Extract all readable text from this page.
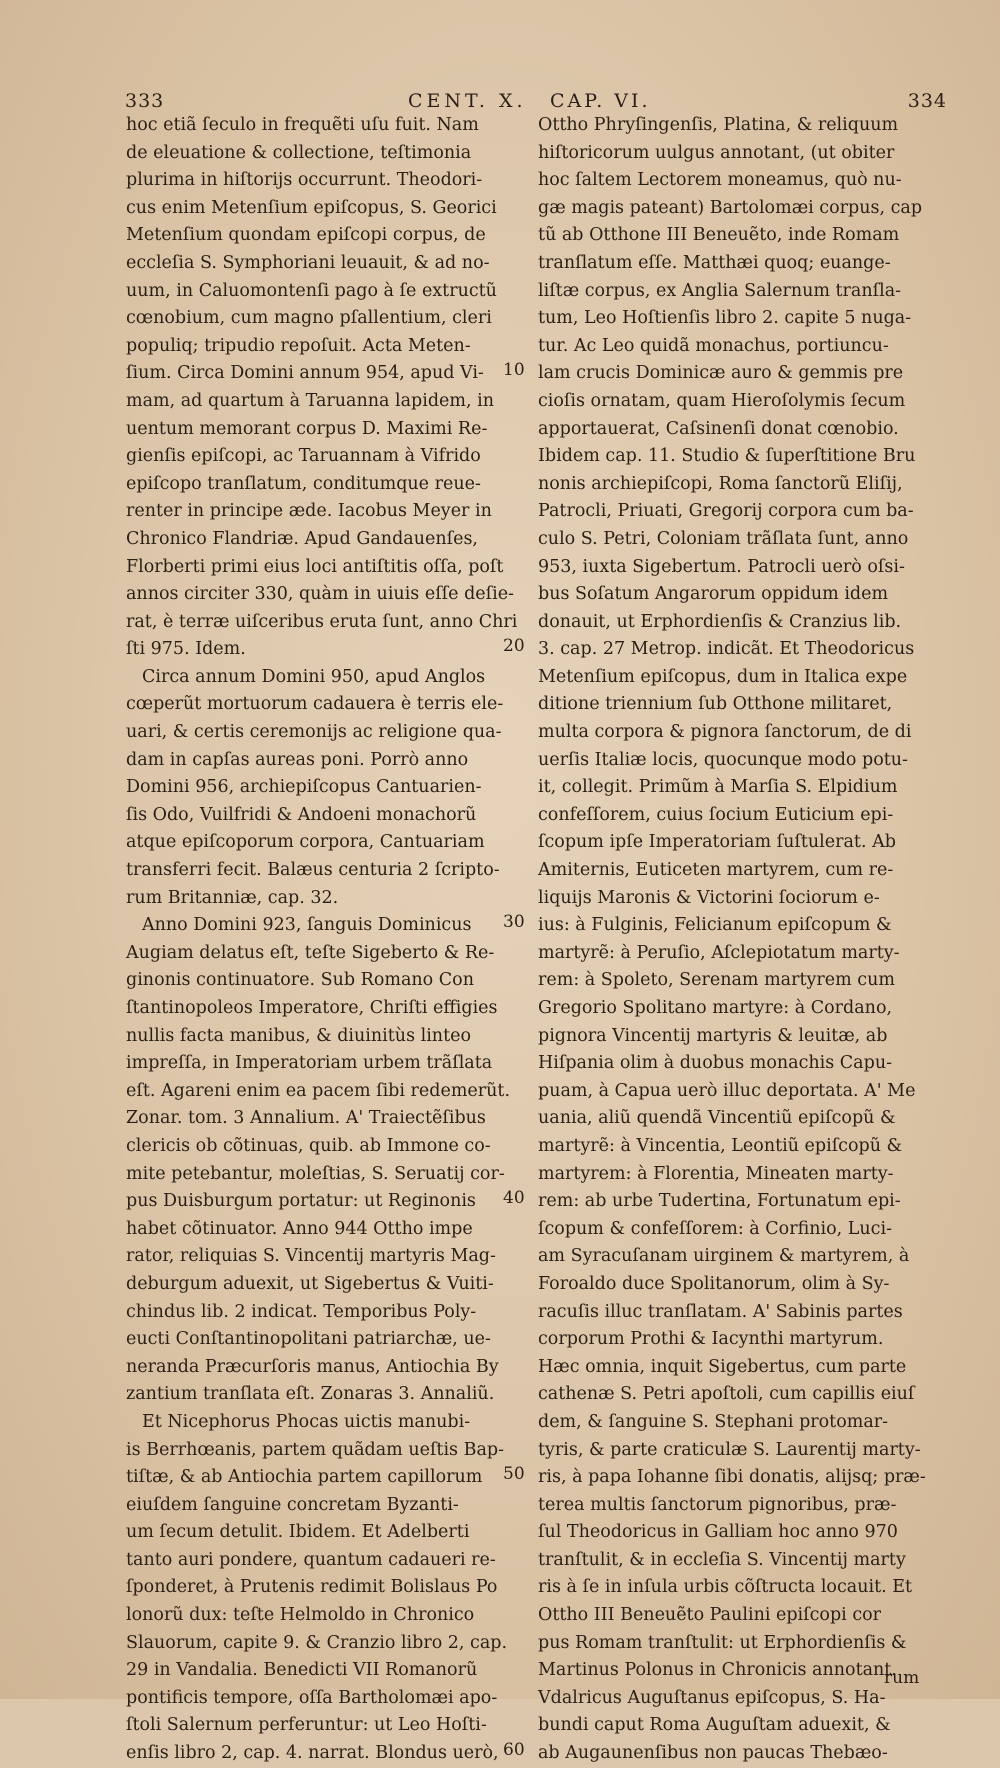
333	CENT. X. CAP. VI.	334
hoc etiã ſeculo in frequẽti uſu fuit. Nam
de eleuatione & collectione, teſtimonia
plurima in hiſtorijs occurrunt. Theodori-
cus enim Metenſium epiſcopus, S. Georici
Metenſium quondam epiſcopi corpus, de
eccleſia S. Symphoriani leuauit, & ad no-
uum, in Caluomontenſi pago à ſe extructũ
cœnobium, cum magno pſallentium, cleri
populiq; tripudio repoſuit. Acta Meten-
ſium. Circa Domini annum 954, apud Vi-
mam, ad quartum à Taruanna lapidem, in
uentum memorant corpus D. Maximi Re-
gienſis epiſcopi, ac Taruannam à Vifrido
epiſcopo tranſlatum, conditumque reue-
renter in principe æde. Iacobus Meyer in
Chronico Flandriæ. Apud Gandauenſes,
Florberti primi eius loci antiſtitis oſſa, poſt
annos circiter 330, quàm in uiuis eſſe deſie-
rat, è terræ uiſceribus eruta ſunt, anno Chri
ſti 975. Idem.
Circa annum Domini 950, apud Anglos
cœperũt mortuorum cadauera è terris ele-
uari, & certis ceremonijs ac religione qua-
dam in capſas aureas poni. Porrò anno
Domini 956, archiepiſcopus Cantuarien-
ſis Odo, Vuilfridi & Andoeni monachorũ
atque epiſcoporum corpora, Cantuariam
transferri fecit. Balæus centuria 2 ſcripto-
rum Britanniæ, cap. 32.
Anno Domini 923, ſanguis Dominicus
Augiam delatus eſt, teſte Sigeberto & Re-
ginonis continuatore. Sub Romano Con
ſtantinopoleos Imperatore, Chriſti effigies
nullis facta manibus, & diuinitùs linteo
impreſſa, in Imperatoriam urbem trãſlata
eſt. Agareni enim ea pacem ſibi redemerũt.
Zonar. tom. 3 Annalium. A' Traiectẽſibus
clericis ob cõtinuas, quib. ab Immone co-
mite petebantur, moleſtias, S. Seruatij cor-
pus Duisburgum portatur: ut Reginonis
habet cõtinuator. Anno 944 Ottho impe
rator, reliquias S. Vincentij martyris Mag-
deburgum aduexit, ut Sigebertus & Vuiti-
chindus lib. 2 indicat. Temporibus Poly-
eucti Conſtantinopolitani patriarchæ, ue-
neranda Præcurſoris manus, Antiochia By
zantium tranſlata eſt. Zonaras 3. Annaliũ.
Et Nicephorus Phocas uictis manubi-
is Berrhœanis, partem quãdam ueſtis Bap-
tiſtæ, & ab Antiochia partem capillorum
eiuſdem ſanguine concretam Byzanti-
um ſecum detulit. Ibidem. Et Adelberti
tanto auri pondere, quantum cadaueri re-
ſponderet, à Prutenis redimit Bolislaus Po
lonorũ dux: teſte Helmoldo in Chronico
Slauorum, capite 9. & Cranzio libro 2, cap.
29 in Vandalia. Benedicti VII Romanorũ
pontificis tempore, oſſa Bartholomæi apo-
ſtoli Salernum perferuntur: ut Leo Hoſti-
enſis libro 2, cap. 4. narrat. Blondus uerò,
Ottho Phryſingenſis, Platina, & reliquum
hiſtoricorum uulgus annotant, (ut obiter
hoc ſaltem Lectorem moneamus, quò nu-
gæ magis pateant) Bartolomæi corpus, cap
tũ ab Otthone III Beneuẽto, inde Romam
tranſlatum eſſe. Matthæi quoq; euange-
liſtæ corpus, ex Anglia Salernum tranſla-
tum, Leo Hoſtienſis libro 2. capite 5 nuga-
tur. Ac Leo quidã monachus, portiuncu-
lam crucis Dominicæ auro & gemmis pre
cioſis ornatam, quam Hieroſolymis ſecum
apportauerat, Caſsinenſi donat cœnobio.
Ibidem cap. 11. Studio & ſuperſtitione Bru
nonis archiepiſcopi, Roma ſanctorũ Eliſij,
Patrocli, Priuati, Gregorij corpora cum ba-
culo S. Petri, Coloniam trãſlata ſunt, anno
953, iuxta Sigebertum. Patrocli uerò oſsi-
bus Soſatum Angarorum oppidum idem
donauit, ut Erphordienſis & Cranzius lib.
3. cap. 27 Metrop. indicãt. Et Theodoricus
Metenſium epiſcopus, dum in Italica expe
ditione triennium ſub Otthone militaret,
multa corpora & pignora ſanctorum, de di
uerſis Italiæ locis, quocunque modo potu-
it, collegit. Primũm à Marſia S. Elpidium
confeſſorem, cuius ſocium Euticium epi-
ſcopum ipſe Imperatoriam ſuſtulerat. Ab
Amiternis, Euticeten martyrem, cum re-
liquijs Maronis & Victorini ſociorum e-
ius: à Fulginis, Felicianum epiſcopum &
martyrẽ: à Peruſio, Aſclepiotatum marty-
rem: à Spoleto, Serenam martyrem cum
Gregorio Spolitano martyre: à Cordano,
pignora Vincentij martyris & leuitæ, ab
Hiſpania olim à duobus monachis Capu-
puam, à Capua uerò illuc deportata. A' Me
uania, aliũ quendã Vincentiũ epiſcopũ &
martyrẽ: à Vincentia, Leontiũ epiſcopũ &
martyrem: à Florentia, Mineaten marty-
rem: ab urbe Tudertina, Fortunatum epi-
ſcopum & confeſſorem: à Corfinio, Luci-
am Syracuſanam uirginem & martyrem, à
Foroaldo duce Spolitanorum, olim à Sy-
racuſis illuc tranſlatam. A' Sabinis partes
corporum Prothi & Iacynthi martyrum.
Hæc omnia, inquit Sigebertus, cum parte
cathenæ S. Petri apoſtoli, cum capillis eiuſ
dem, & ſanguine S. Stephani protomar-
tyris, & parte craticulæ S. Laurentij marty-
ris, à papa Iohanne ſibi donatis, alijsq; præ-
terea multis ſanctorum pignoribus, præ-
ſul Theodoricus in Galliam hoc anno 970
tranſtulit, & in eccleſia S. Vincentij marty
ris à ſe in inſula urbis cõſtructa locauit. Et
Ottho III Beneuẽto Paulini epiſcopi cor
pus Romam tranſtulit: ut Erphordienſis &
Martinus Polonus in Chronicis annotant.
Vdalricus Auguſtanus epiſcopus, S. Ha-
bundi caput Roma Auguſtam aduexit, &
ab Augaunenſibus non paucas Thebæo-
10
20
30
40
50
60
rum
